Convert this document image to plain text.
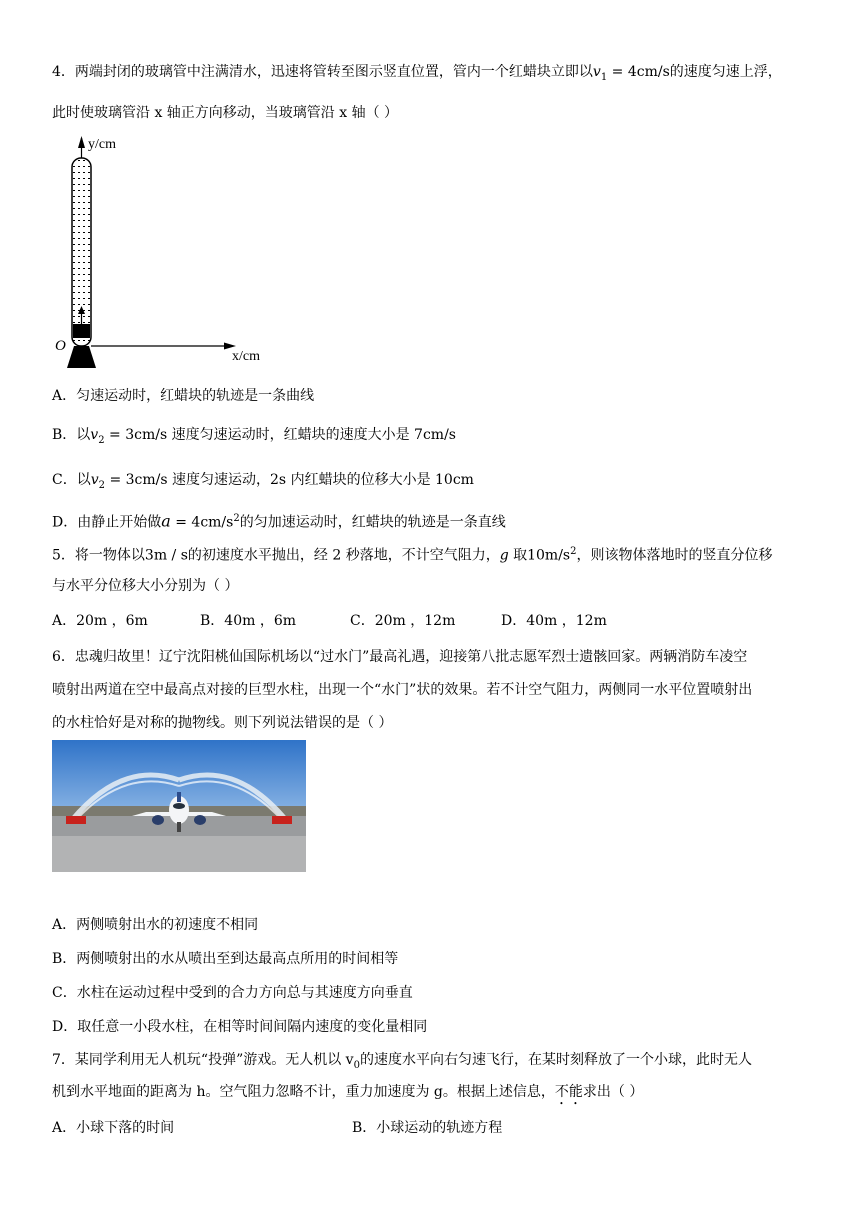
4．两端封闭的玻璃管中注满清水，迅速将管转至图示竖直位置，管内一个红蜡块立即以$v_1 = 4cm/s$的速度匀速上浮，
此时使玻璃管沿 x 轴正方向移动，当玻璃管沿 x 轴（ ）
y/cm
x/cm
O
A．匀速运动时，红蜡块的轨迹是一条曲线
B．以$v_2 = 3cm/s$ 速度匀速运动时，红蜡块的速度大小是 7cm/s
C．以$v_2 = 3cm/s$ 速度匀速运动，2s 内红蜡块的位移大小是 10cm
D．由静止开始做$a = 4cm/s^2$的匀加速运动时，红蜡块的轨迹是一条直线
5．将一物体以3m / s的初速度水平抛出，经 2 秒落地，不计空气阻力，g 取$10m/s^2$，则该物体落地时的竖直分位移
与水平分位移大小分别为（ ）
A．20m ，6m	B．40m ，6m	C．20m ，12m	D．40m ，12m
6．忠魂归故里！辽宁沈阳桃仙国际机场以“过水门”最高礼遇，迎接第八批志愿军烈士遗骸回家。两辆消防车凌空
喷射出两道在空中最高点对接的巨型水柱，出现一个“水门”状的效果。若不计空气阻力，两侧同一水平位置喷射出
的水柱恰好是对称的抛物线。则下列说法错误的是（ ）
A．两侧喷射出水的初速度不相同
B．两侧喷射出的水从喷出至到达最高点所用的时间相等
C．水柱在运动过程中受到的合力方向总与其速度方向垂直
D．取任意一小段水柱，在相等时间间隔内速度的变化量相同
7．某同学利用无人机玩“投弹”游戏。无人机以 $v_0$的速度水平向右匀速飞行，在某时刻释放了一个小球，此时无人
机到水平地面的距离为 h。空气阻力忽略不计，重力加速度为 g。根据上述信息，不能求出（ ）
A．小球下落的时间	B．小球运动的轨迹方程
